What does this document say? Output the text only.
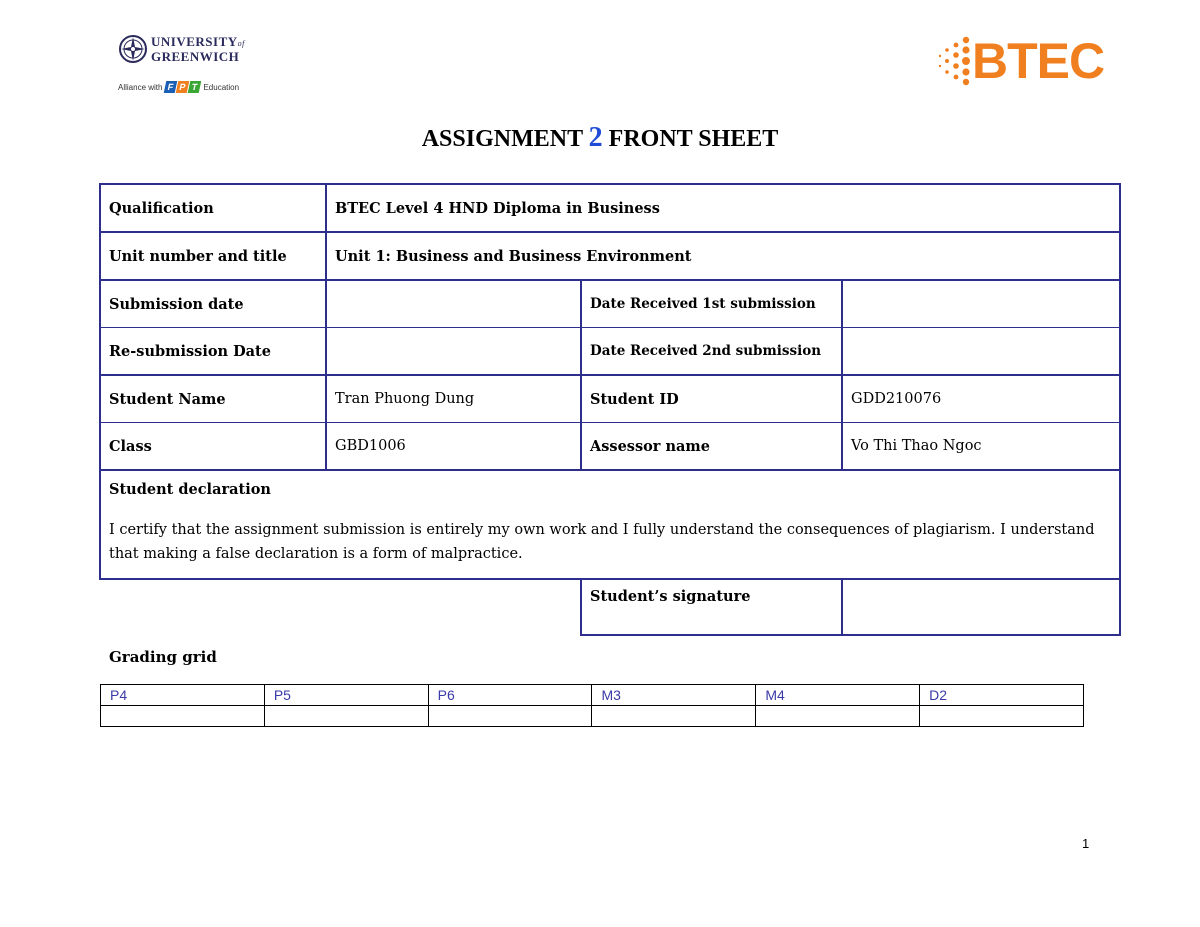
UNIVERSITYof
GREENWICH
Alliance with F P T Education	BTEC
ASSIGNMENT 2 FRONT SHEET
Qualification	BTEC Level 4 HND Diploma in Business		
Unit number and title	Unit 1: Business and Business Environment		
Submission date		Date Received 1st submission	
Re-submission Date		Date Received 2nd submission	
Student Name	Tran Phuong Dung	Student ID	GDD210076
Class	GBD1006	Assessor name	Vo Thi Thao Ngoc

Student declaration
I certify that the assignment submission is entirely my own work and I fully understand the consequences of plagiarism. I understand that making a false declaration is a form of malpractice.			

		Student’s signature	
Grading grid
P4	P5	P6	M3	M4	D2

1
